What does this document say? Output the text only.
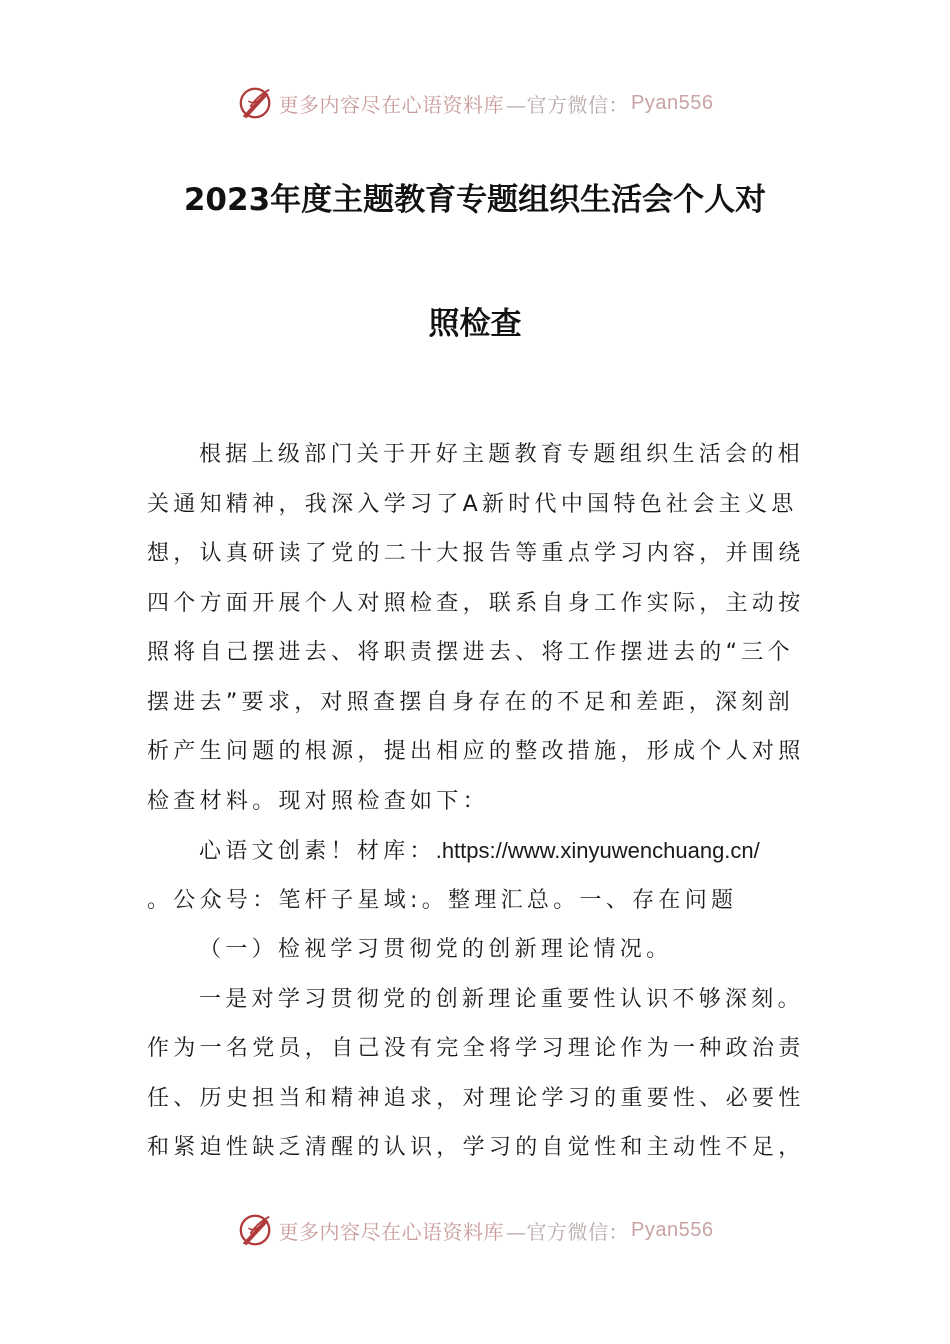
更多内容尽在心语资料库 —官方微信： Pyan556
2023年度主题教育专题组织生活会个人对
照检查
根据上级部门关于开好主题教育专题组织生活会的相
关通知精神，我深入学习了A新时代中国特色社会主义思
想，认真研读了党的二十大报告等重点学习内容，并围绕
四个方面开展个人对照检查，联系自身工作实际，主动按
照将自己摆进去、将职责摆进去、将工作摆进去的“三个
摆进去”要求，对照查摆自身存在的不足和差距，深刻剖
析产生问题的根源，提出相应的整改措施，形成个人对照
检查材料。现对照检查如下：
心语文创素！材库：.https://www.xinyuwenchuang.cn/
。公众号：笔杆子星域:。整理汇总。一、存在问题
（一）检视学习贯彻党的创新理论情况。
一是对学习贯彻党的创新理论重要性认识不够深刻。
作为一名党员，自己没有完全将学习理论作为一种政治责
任、历史担当和精神追求，对理论学习的重要性、必要性
和紧迫性缺乏清醒的认识，学习的自觉性和主动性不足，
更多内容尽在心语资料库 —官方微信： Pyan556
